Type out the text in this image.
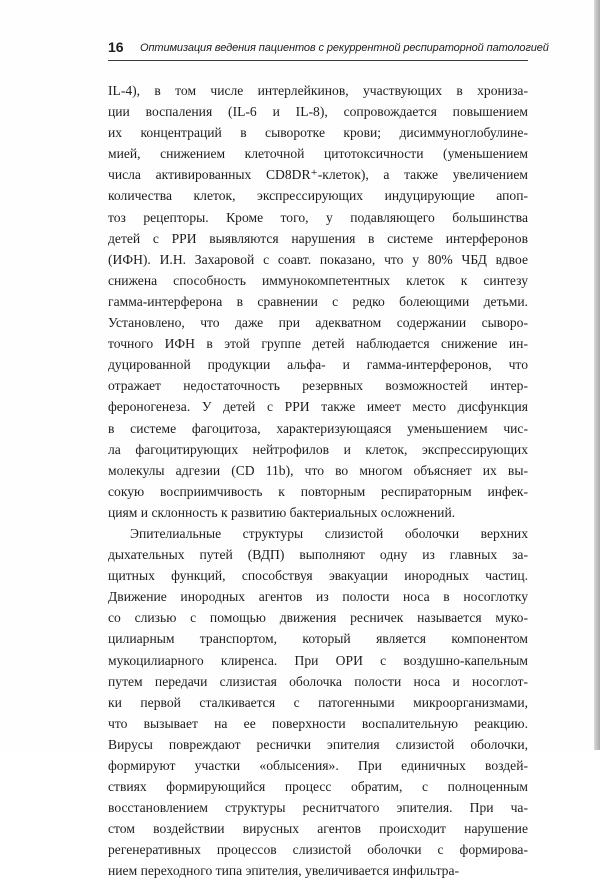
16 Оптимизация ведения пациентов с рекуррентной респираторной патологией
IL-4), в том числе интерлейкинов, участвующих в хрониза-
ции воспаления (IL-6 и IL-8), сопровождается повышением
их концентраций в сыворотке крови; дисиммуноглобулине-
мией, снижением клеточной цитотоксичности (уменьшением
числа активированных CD8DR⁺-клеток), а также увеличением
количества клеток, экспрессирующих индуцирующие апоп-
тоз рецепторы. Кроме того, у подавляющего большинства
детей с РРИ выявляются нарушения в системе интерферонов
(ИФН). И.Н. Захаровой с соавт. показано, что у 80% ЧБД вдвое
снижена способность иммунокомпетентных клеток к синтезу
гамма-интерферона в сравнении с редко болеющими детьми.
Установлено, что даже при адекватном содержании сыворо-
точного ИФН в этой группе детей наблюдается снижение ин-
дуцированной продукции альфа- и гамма-интерферонов, что
отражает недостаточность резервных возможностей интер-
фероногенеза. У детей с РРИ также имеет место дисфункция
в системе фагоцитоза, характеризующаяся уменьшением чис-
ла фагоцитирующих нейтрофилов и клеток, экспрессирующих
молекулы адгезии (CD 11b), что во многом объясняет их вы-
сокую восприимчивость к повторным респираторным инфек-
циям и склонность к развитию бактериальных осложнений.
Эпителиальные структуры слизистой оболочки верхних
дыхательных путей (ВДП) выполняют одну из главных за-
щитных функций, способствуя эвакуации инородных частиц.
Движение инородных агентов из полости носа в носоглотку
со слизью с помощью движения ресничек называется муко-
цилиарным транспортом, который является компонентом
мукоцилиарного клиренса. При ОРИ с воздушно-капельным
путем передачи слизистая оболочка полости носа и носоглот-
ки первой сталкивается с патогенными микроорганизмами,
что вызывает на ее поверхности воспалительную реакцию.
Вирусы повреждают реснички эпителия слизистой оболочки,
формируют участки «облысения». При единичных воздей-
ствиях формирующийся процесс обратим, с полноценным
восстановлением структуры реснитчатого эпителия. При ча-
стом воздействии вирусных агентов происходит нарушение
регенеративных процессов слизистой оболочки с формирова-
нием переходного типа эпителия, увеличивается инфильтра-
